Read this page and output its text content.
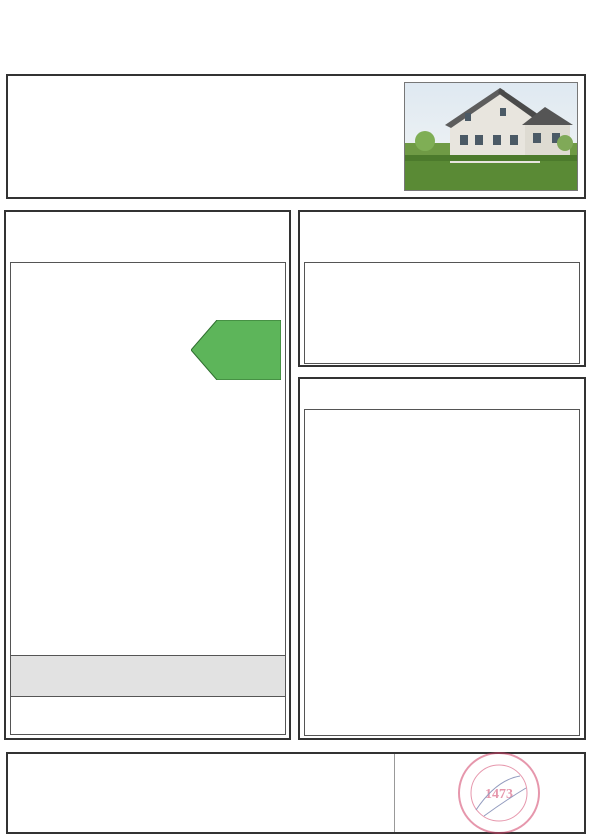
1473
